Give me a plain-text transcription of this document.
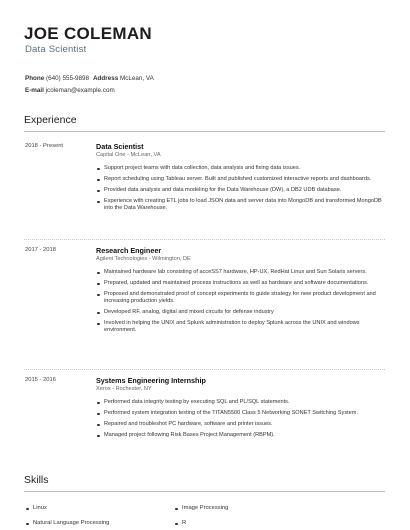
JOE COLEMAN
Data Scientist
Phone (640) 555-9898 Address McLean, VA
E-mail jcoleman@example.com
Experience
2018 - Present	Data Scientist
Capital One - McLean, VA
Support project teams with data collection, data analysis and fixing data issues.
Report scheduling using Tableau server. Built and published customized interactive reports and dashboards.
Provided data analysis and data modeling for the Data Warehouse (DW), a DB2 UDB database.
Experience with creating ETL jobs to load JSON data and server data into MongoDB and transformed MongoDB into the Data Warehouse.
2017 - 2018	Research Engineer
Agilent Technologies - Wilmington, DE
Maintained hardware lab consisting of acceSS7 hardware, HP-UX, RedHat Linux and Sun Solaris servers.
Prepared, updated and maintained process instructions as well as hardware and software documentations.
Proposed and demonstrated proof of concept experiments to guide strategy for new product development and increasing production yields.
Developed RF, analog, digital and mixed circuits for defense industry
Involved in helping the UNIX and Splunk administration to deploy Splunk across the UNIX and windows environment.
2015 - 2016	Systems Engineering Internship
Xerox - Rochester, NY
Performed data integrity testing by executing SQL and PL/SQL statements.
Performed system integration testing of the TITAN5500 Class 5 Networking SONET Switching System.
Repaired and troubleshot PC hardware, software and printer issues.
Managed project following Risk Bases Project Management (RBPM).
Skills
Linux	Image Processing
Natural Language Processing	R
